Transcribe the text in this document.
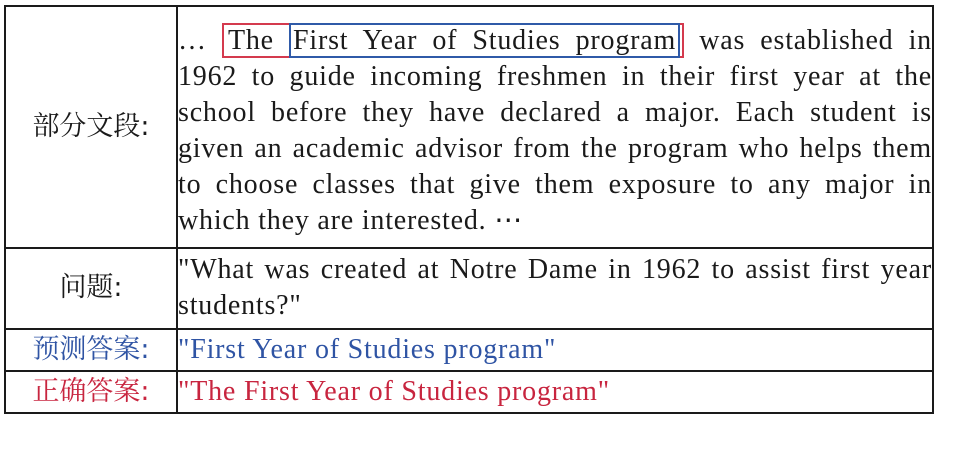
部分文段:	… The First Year of Studies program was established in 1962 to guide incoming freshmen in their first year at the school before they have declared a major. Each student is given an academic advisor from the program who helps them to choose classes that give them exposure to any major in which they are interested. ⋯
问题:	"What was created at Notre Dame in 1962 to assist first year students?"
预测答案:	"First Year of Studies program"
正确答案:	"The First Year of Studies program"
